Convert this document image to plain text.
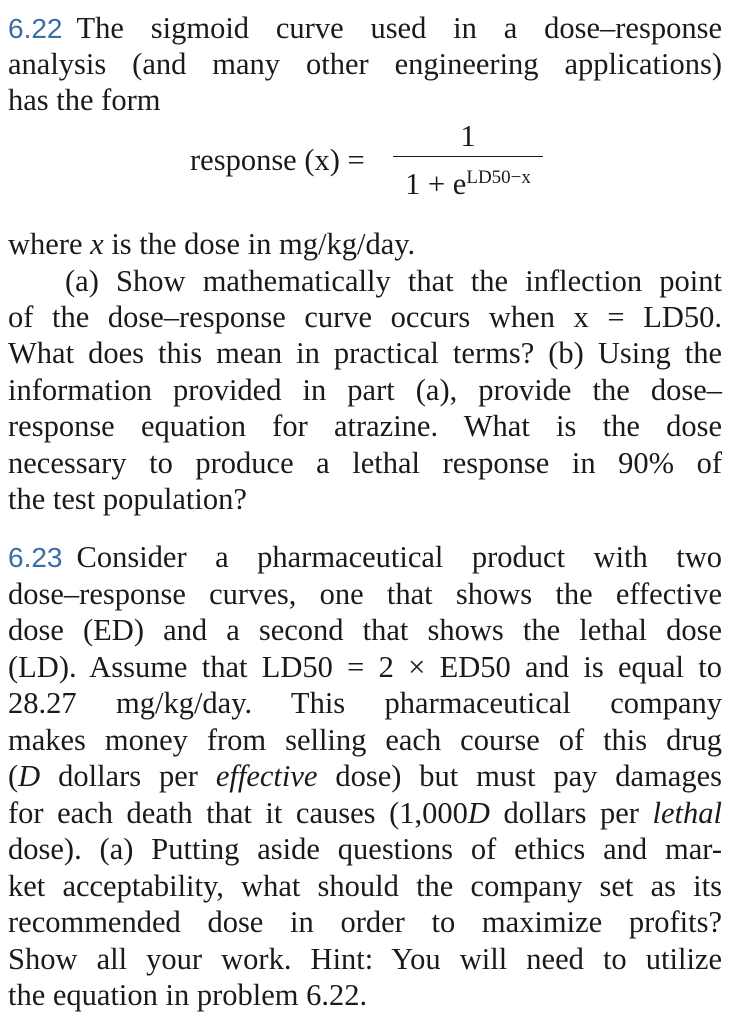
6.22 The sigmoid curve used in a dose–response
analysis (and many other engineering applications)
has the form
response (x) =
1
$1 + e^{LD50-x}$
where x is the dose in mg/kg/day.
(a) Show mathematically that the inflection point
of the dose–response curve occurs when x = LD50.
What does this mean in practical terms? (b) Using the
information provided in part (a), provide the dose–
response equation for atrazine. What is the dose
necessary to produce a lethal response in 90% of
the test population?
6.23 Consider a pharmaceutical product with two
dose–response curves, one that shows the effective
dose (ED) and a second that shows the lethal dose
(LD). Assume that LD50 = 2 × ED50 and is equal to
28.27 mg/kg/day. This pharmaceutical company
makes money from selling each course of this drug
(D dollars per effective dose) but must pay damages
for each death that it causes (1,000D dollars per lethal
dose). (a) Putting aside questions of ethics and mar-
ket acceptability, what should the company set as its
recommended dose in order to maximize profits?
Show all your work. Hint: You will need to utilize
the equation in problem 6.22.
